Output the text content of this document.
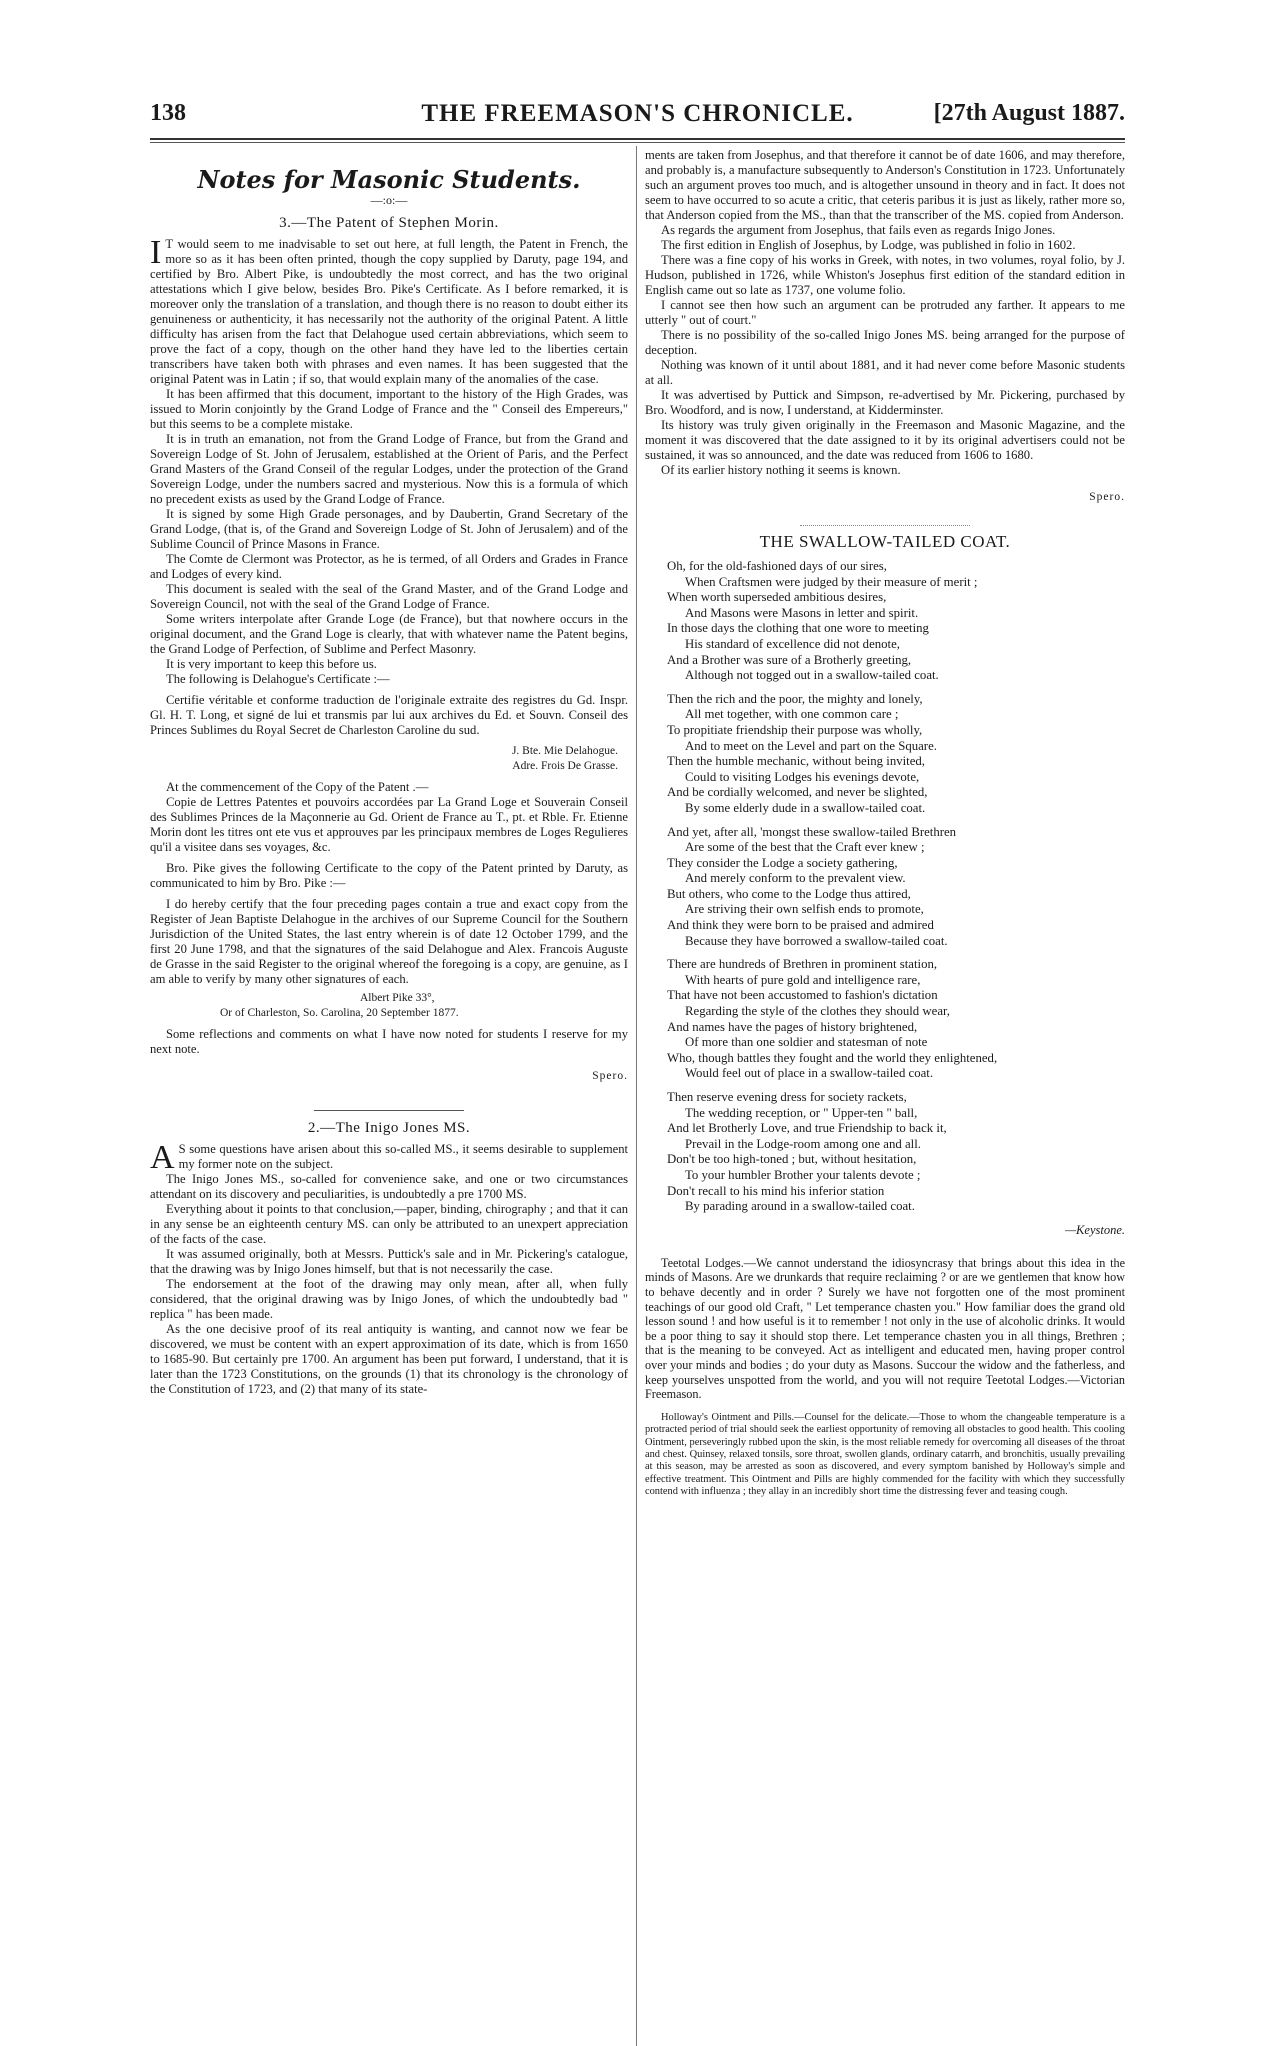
138	THE FREEMASON'S CHRONICLE.	[27th August 1887.
Notes for Masonic Students.
—:o:—
3.—The Patent of Stephen Morin.

I T would seem to me inadvisable to set out here, at full length, the Patent in French, the more so as it has been often printed, though the copy supplied by Daruty, page 194, and certified by Bro. Albert Pike, is undoubtedly the most correct, and has the two original attestations which I give below, besides Bro. Pike's Certificate. As I before remarked, it is moreover only the translation of a translation, and though there is no reason to doubt either its genuineness or authenticity, it has necessarily not the authority of the original Patent. A little difficulty has arisen from the fact that Delahogue used certain abbreviations, which seem to prove the fact of a copy, though on the other hand they have led to the liberties certain transcribers have taken both with phrases and even names. It has been suggested that the original Patent was in Latin ; if so, that would explain many of the anomalies of the case.

It has been affirmed that this document, important to the history of the High Grades, was issued to Morin conjointly by the Grand Lodge of France and the " Conseil des Empereurs," but this seems to be a complete mistake.

It is in truth an emanation, not from the Grand Lodge of France, but from the Grand and Sovereign Lodge of St. John of Jerusalem, established at the Orient of Paris, and the Perfect Grand Masters of the Grand Conseil of the regular Lodges, under the protection of the Grand Sovereign Lodge, under the numbers sacred and mysterious. Now this is a formula of which no precedent exists as used by the Grand Lodge of France.

It is signed by some High Grade personages, and by Daubertin, Grand Secretary of the Grand Lodge, (that is, of the Grand and Sovereign Lodge of St. John of Jerusalem) and of the Sublime Council of Prince Masons in France.

The Comte de Clermont was Protector, as he is termed, of all Orders and Grades in France and Lodges of every kind.

This document is sealed with the seal of the Grand Master, and of the Grand Lodge and Sovereign Council, not with the seal of the Grand Lodge of France.

Some writers interpolate after Grande Loge (de France), but that nowhere occurs in the original document, and the Grand Loge is clearly, that with whatever name the Patent begins, the Grand Lodge of Perfection, of Sublime and Perfect Masonry.

It is very important to keep this before us.

The following is Delahogue's Certificate :—

Certifie véritable et conforme traduction de l'originale extraite des registres du Gd. Inspr. Gl. H. T. Long, et signé de lui et transmis par lui aux archives du Ed. et Souvn. Conseil des Princes Sublimes du Royal Secret de Charleston Caroline du sud.

J. Bte. Mie Delahogue.
Adre. Frois De Grasse.

At the commencement of the Copy of the Patent .—

Copie de Lettres Patentes et pouvoirs accordées par La Grand Loge et Souverain Conseil des Sublimes Princes de la Maçonnerie au Gd. Orient de France au T., pt. et Rble. Fr. Etienne Morin dont les titres ont ete vus et approuves par les principaux membres de Loges Regulieres qu'il a visitee dans ses voyages, &c.

Bro. Pike gives the following Certificate to the copy of the Patent printed by Daruty, as communicated to him by Bro. Pike :—

I do hereby certify that the four preceding pages contain a true and exact copy from the Register of Jean Baptiste Delahogue in the archives of our Supreme Council for the Southern Jurisdiction of the United States, the last entry wherein is of date 12 October 1799, and the first 20 June 1798, and that the signatures of the said Delahogue and Alex. Francois Auguste de Grasse in the said Register to the original whereof the foregoing is a copy, are genuine, as I am able to verify by many other signatures of each.

Albert Pike 33°,
Or of Charleston, So. Carolina, 20 September 1877.

Some reflections and comments on what I have now noted for students I reserve for my next note.

Spero.
2.—The Inigo Jones MS.

A S some questions have arisen about this so-called MS., it seems desirable to supplement my former note on the subject.

The Inigo Jones MS., so-called for convenience sake, and one or two circumstances attendant on its discovery and peculiarities, is undoubtedly a pre 1700 MS.

Everything about it points to that conclusion,—paper, binding, chirography ; and that it can in any sense be an eighteenth century MS. can only be attributed to an unexpert appreciation of the facts of the case.

It was assumed originally, both at Messrs. Puttick's sale and in Mr. Pickering's catalogue, that the drawing was by Inigo Jones himself, but that is not necessarily the case.

The endorsement at the foot of the drawing may only mean, after all, when fully considered, that the original drawing was by Inigo Jones, of which the undoubtedly bad " replica " has been made.

As the one decisive proof of its real antiquity is wanting, and cannot now we fear be discovered, we must be content with an expert approximation of its date, which is from 1650 to 1685-90. But certainly pre 1700. An argument has been put forward, I understand, that it is later than the 1723 Constitutions, on the grounds (1) that its chronology is the chronology of the Constitution of 1723, and (2) that many of its state-

ments are taken from Josephus, and that therefore it cannot be of date 1606, and may therefore, and probably is, a manufacture subsequently to Anderson's Constitution in 1723. Unfortunately such an argument proves too much, and is altogether unsound in theory and in fact. It does not seem to have occurred to so acute a critic, that ceteris paribus it is just as likely, rather more so, that Anderson copied from the MS., than that the transcriber of the MS. copied from Anderson.

As regards the argument from Josephus, that fails even as regards Inigo Jones.

The first edition in English of Josephus, by Lodge, was published in folio in 1602.

There was a fine copy of his works in Greek, with notes, in two volumes, royal folio, by J. Hudson, published in 1726, while Whiston's Josephus first edition of the standard edition in English came out so late as 1737, one volume folio.

I cannot see then how such an argument can be protruded any farther. It appears to me utterly " out of court."

There is no possibility of the so-called Inigo Jones MS. being arranged for the purpose of deception.

Nothing was known of it until about 1881, and it had never come before Masonic students at all.

It was advertised by Puttick and Simpson, re-advertised by Mr. Pickering, purchased by Bro. Woodford, and is now, I understand, at Kidderminster.

Its history was truly given originally in the Freemason and Masonic Magazine, and the moment it was discovered that the date assigned to it by its original advertisers could not be sustained, it was so announced, and the date was reduced from 1606 to 1680.

Of its earlier history nothing it seems is known.

Spero.
THE SWALLOW-TAILED COAT.
Oh, for the old-fashioned days of our sires,
When Craftsmen were judged by their measure of merit ;
When worth superseded ambitious desires,
And Masons were Masons in letter and spirit.
In those days the clothing that one wore to meeting
His standard of excellence did not denote,
And a Brother was sure of a Brotherly greeting,
Although not togged out in a swallow-tailed coat.
Then the rich and the poor, the mighty and lonely,
All met together, with one common care ;
To propitiate friendship their purpose was wholly,
And to meet on the Level and part on the Square.
Then the humble mechanic, without being invited,
Could to visiting Lodges his evenings devote,
And be cordially welcomed, and never be slighted,
By some elderly dude in a swallow-tailed coat.
And yet, after all, 'mongst these swallow-tailed Brethren
Are some of the best that the Craft ever knew ;
They consider the Lodge a society gathering,
And merely conform to the prevalent view.
But others, who come to the Lodge thus attired,
Are striving their own selfish ends to promote,
And think they were born to be praised and admired
Because they have borrowed a swallow-tailed coat.
There are hundreds of Brethren in prominent station,
With hearts of pure gold and intelligence rare,
That have not been accustomed to fashion's dictation
Regarding the style of the clothes they should wear,
And names have the pages of history brightened,
Of more than one soldier and statesman of note
Who, though battles they fought and the world they enlightened,
Would feel out of place in a swallow-tailed coat.
Then reserve evening dress for society rackets,
The wedding reception, or " Upper-ten " ball,
And let Brotherly Love, and true Friendship to back it,
Prevail in the Lodge-room among one and all.
Don't be too high-toned ; but, without hesitation,
To your humbler Brother your talents devote ;
Don't recall to his mind his inferior station
By parading around in a swallow-tailed coat.
—Keystone.

Teetotal Lodges.—We cannot understand the idiosyncrasy that brings about this idea in the minds of Masons. Are we drunkards that require reclaiming ? or are we gentlemen that know how to behave decently and in order ? Surely we have not forgotten one of the most prominent teachings of our good old Craft, " Let temperance chasten you." How familiar does the grand old lesson sound ! and how useful is it to remember ! not only in the use of alcoholic drinks. It would be a poor thing to say it should stop there. Let temperance chasten you in all things, Brethren ; that is the meaning to be conveyed. Act as intelligent and educated men, having proper control over your minds and bodies ; do your duty as Masons. Succour the widow and the fatherless, and keep yourselves unspotted from the world, and you will not require Teetotal Lodges.—Victorian Freemason.

Holloway's Ointment and Pills.—Counsel for the delicate.—Those to whom the changeable temperature is a protracted period of trial should seek the earliest opportunity of removing all obstacles to good health. This cooling Ointment, perseveringly rubbed upon the skin, is the most reliable remedy for overcoming all diseases of the throat and chest. Quinsey, relaxed tonsils, sore throat, swollen glands, ordinary catarrh, and bronchitis, usually prevailing at this season, may be arrested as soon as discovered, and every symptom banished by Holloway's simple and effective treatment. This Ointment and Pills are highly commended for the facility with which they successfully contend with influenza ; they allay in an incredibly short time the distressing fever and teasing cough.
